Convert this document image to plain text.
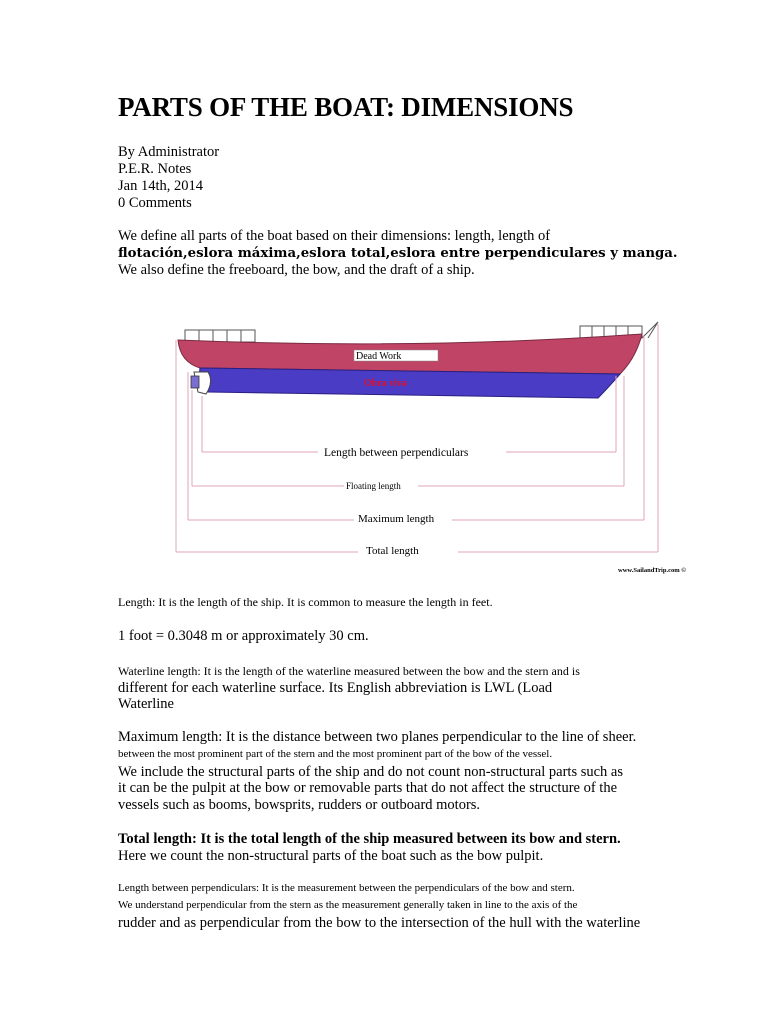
PARTS OF THE BOAT: DIMENSIONS
By Administrator
P.E.R. Notes
Jan 14th, 2014
0 Comments
We define all parts of the boat based on their dimensions: length, length of
flotación,eslora máxima,eslora total,eslora entre perpendiculares y manga.
We also define the freeboard, the bow, and the draft of a ship.
Dead Work
Obra viva
Length between perpendiculars
Floating length
Maximum length
Total length
www.SailandTrip.com ©
Length: It is the length of the ship. It is common to measure the length in feet.
1 foot = 0.3048 m or approximately 30 cm.
Waterline length: It is the length of the waterline measured between the bow and the stern and is
different for each waterline surface. Its English abbreviation is LWL (Load
Waterline
Maximum length: It is the distance between two planes perpendicular to the line of sheer.
between the most prominent part of the stern and the most prominent part of the bow of the vessel.
We include the structural parts of the ship and do not count non-structural parts such as
it can be the pulpit at the bow or removable parts that do not affect the structure of the
vessels such as booms, bowsprits, rudders or outboard motors.
Total length: It is the total length of the ship measured between its bow and stern.
Here we count the non-structural parts of the boat such as the bow pulpit.
Length between perpendiculars: It is the measurement between the perpendiculars of the bow and stern.
We understand perpendicular from the stern as the measurement generally taken in line to the axis of the
rudder and as perpendicular from the bow to the intersection of the hull with the waterline
